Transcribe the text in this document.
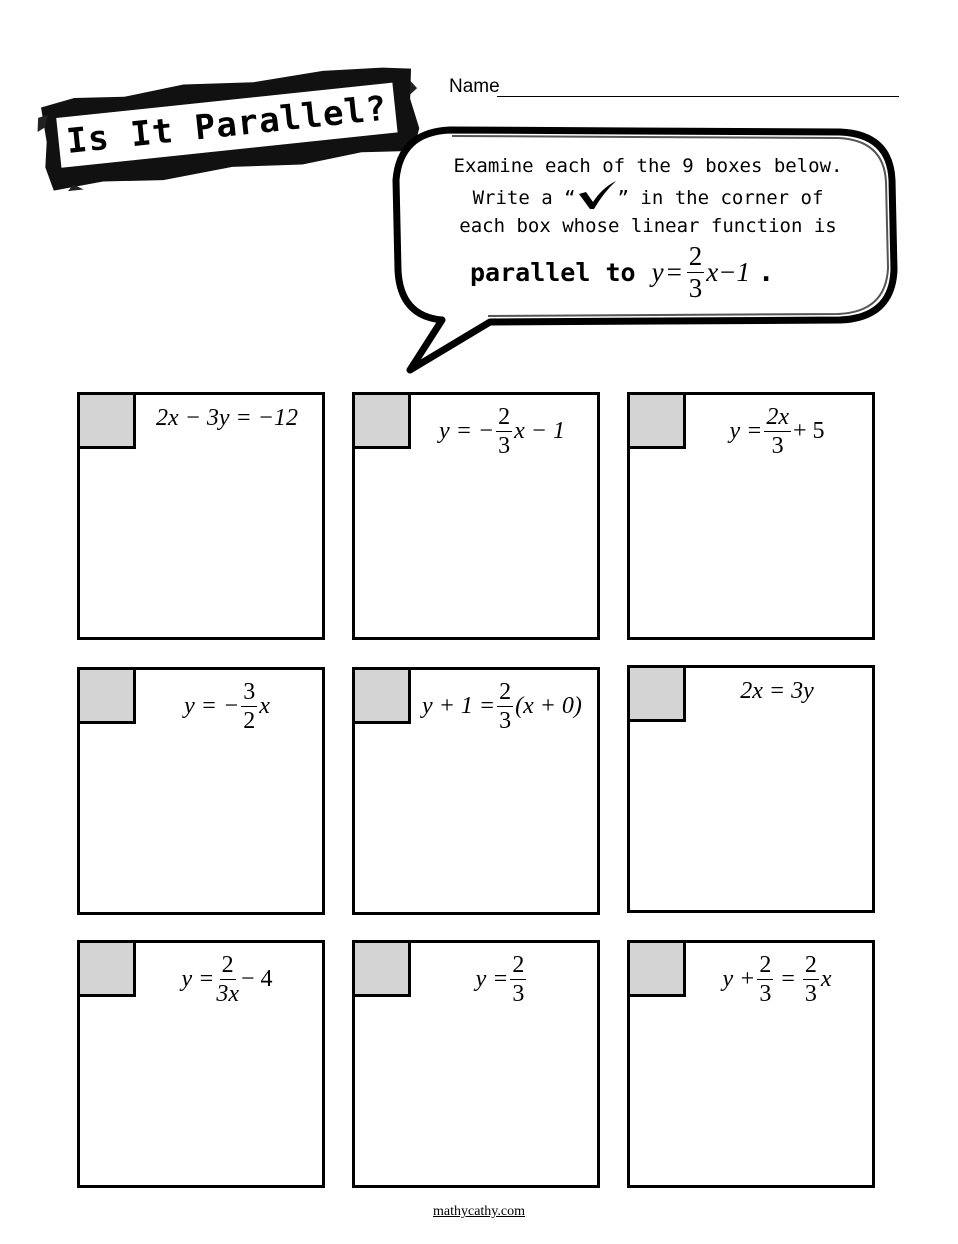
Is It Parallel?
Name
Examine each of the 9 boxes below.
Write a “ ” in the corner of
each box whose linear function is
parallel to $y = \frac{2}{3} x-1$ .
2x − 3y = −12	y = − $\frac{2}{3}$ x − 1	$y = \frac{2x}{3} + 5$
y = − $\frac{3}{2}$ x	$y + 1 = \frac{2}{3} (x + 0)$
2x = 3y
$y = \frac{2}{3x} - 4$	$y = \frac{2}{3}$	$y + \frac{2}{3} = \frac{2}{3}$ x
mathycathy.com
